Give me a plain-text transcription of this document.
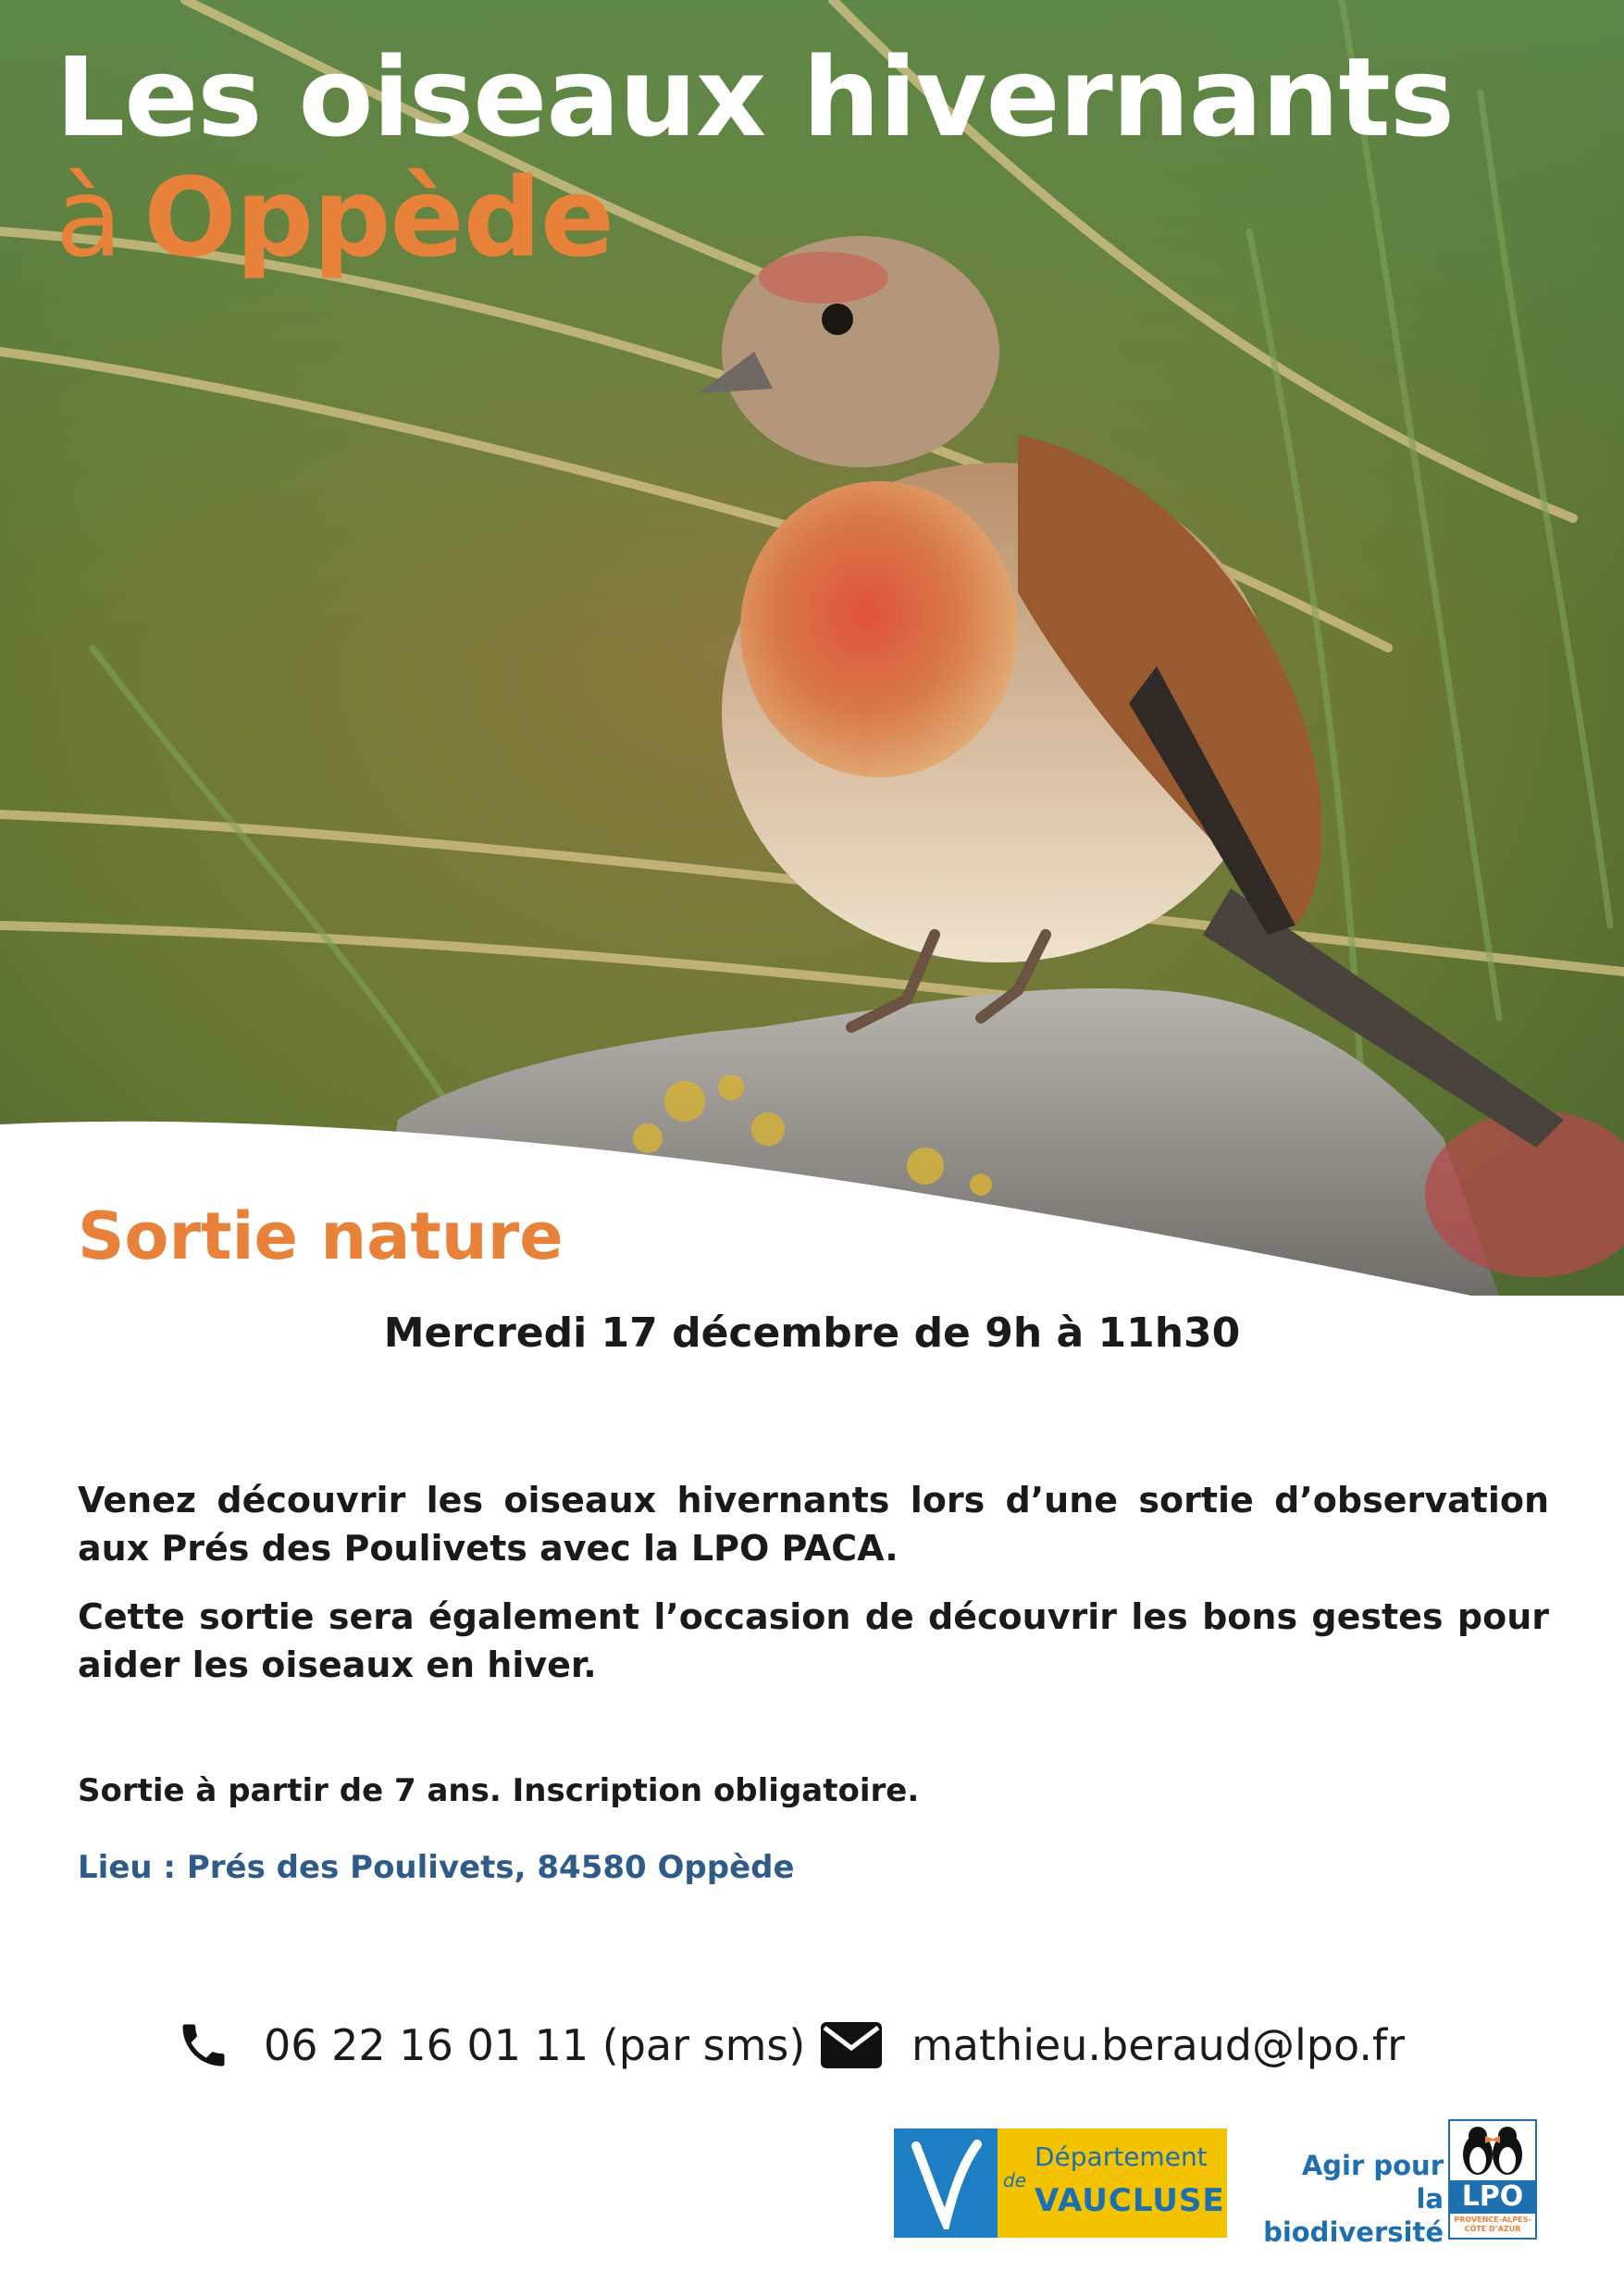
Les oiseaux hivernants
à Oppède
Sortie nature
Mercredi 17 décembre de 9h à 11h30

Venez découvrir les oiseaux hivernants lors d’une sortie d’observation aux Prés des Poulivets avec la LPO PACA.

Cette sortie sera également l’occasion de découvrir les bons gestes pour aider les oiseaux en hiver.

Sortie à partir de 7 ans. Inscription obligatoire.
Lieu : Prés des Poulivets, 84580 Oppède
06 22 16 01 11 (par sms) mathieu.beraud@lpo.fr
Département
de
VAUCLUSE
Agir pour
la biodiversité
LPO
PROVENCE-ALPES-CÔTE D’AZUR
